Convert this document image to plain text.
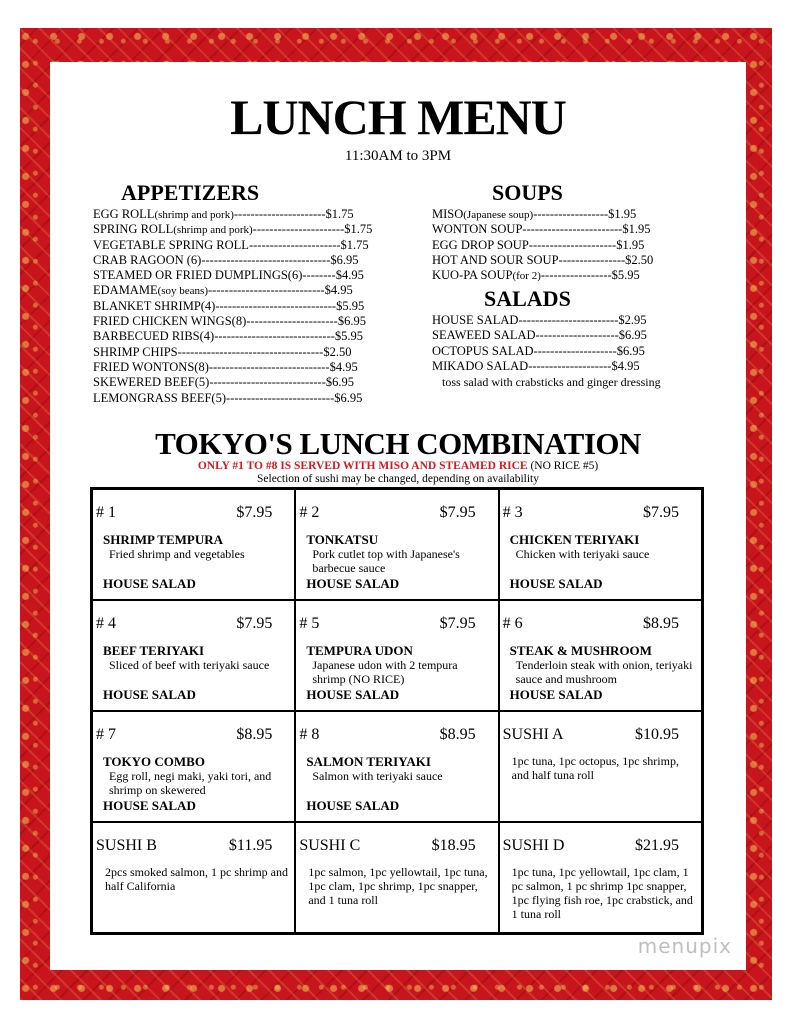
LUNCH MENU
11:30AM to 3PM
APPETIZERS
EGG ROLL(shrimp and pork)----------------------$1.75
SPRING ROLL(shrimp and pork)----------------------$1.75
VEGETABLE SPRING ROLL----------------------$1.75
CRAB RAGOON (6)-------------------------------$6.95
STEAMED OR FRIED DUMPLINGS(6)--------$4.95
EDAMAME(soy beans)----------------------------$4.95
BLANKET SHRIMP(4)-----------------------------$5.95
FRIED CHICKEN WINGS(8)----------------------$6.95
BARBECUED RIBS(4)-----------------------------$5.95
SHRIMP CHIPS-----------------------------------$2.50
FRIED WONTONS(8)-----------------------------$4.95
SKEWERED BEEF(5)----------------------------$6.95
LEMONGRASS BEEF(5)--------------------------$6.95
SOUPS
MISO(Japanese soup)------------------$1.95
WONTON SOUP------------------------$1.95
EGG DROP SOUP---------------------$1.95
HOT AND SOUR SOUP----------------$2.50
KUO-PA SOUP(for 2)-----------------$5.95
SALADS
HOUSE SALAD------------------------$2.95
SEAWEED SALAD--------------------$6.95
OCTOPUS SALAD--------------------$6.95
MIKADO SALAD--------------------$4.95
toss salad with crabsticks and ginger dressing
TOKYO'S LUNCH COMBINATION
ONLY #1 TO #8 IS SERVED WITH MISO AND STEAMED RICE (NO RICE #5)
Selection of sushi may be changed, depending on availability
# 1	$7.95
SHRIMP TEMPURA
Fried shrimp and vegetables
HOUSE SALAD
# 2	$7.95
TONKATSU
Pork cutlet top with Japanese's barbecue sauce
HOUSE SALAD
# 3	$7.95
CHICKEN TERIYAKI
Chicken with teriyaki sauce
HOUSE SALAD
# 4	$7.95
BEEF TERIYAKI
Sliced of beef with teriyaki sauce
HOUSE SALAD
# 5	$7.95
TEMPURA UDON
Japanese udon with 2 tempura shrimp (NO RICE)
HOUSE SALAD
# 6	$8.95
STEAK & MUSHROOM
Tenderloin steak with onion, teriyaki sauce and mushroom
HOUSE SALAD
# 7	$8.95
TOKYO COMBO
Egg roll, negi maki, yaki tori, and shrimp on skewered
HOUSE SALAD
# 8	$8.95
SALMON TERIYAKI
Salmon with teriyaki sauce
HOUSE SALAD
SUSHI A	$10.95
1pc tuna, 1pc octopus, 1pc shrimp, and half tuna roll
SUSHI B	$11.95
2pcs smoked salmon, 1 pc shrimp and half California
SUSHI C	$18.95
1pc salmon, 1pc yellowtail, 1pc tuna, 1pc clam, 1pc shrimp, 1pc snapper, and 1 tuna roll
SUSHI D	$21.95
1pc tuna, 1pc yellowtail, 1pc clam, 1 pc salmon, 1 pc shrimp 1pc snapper, 1pc flying fish roe, 1pc crabstick, and 1 tuna roll
menupix
